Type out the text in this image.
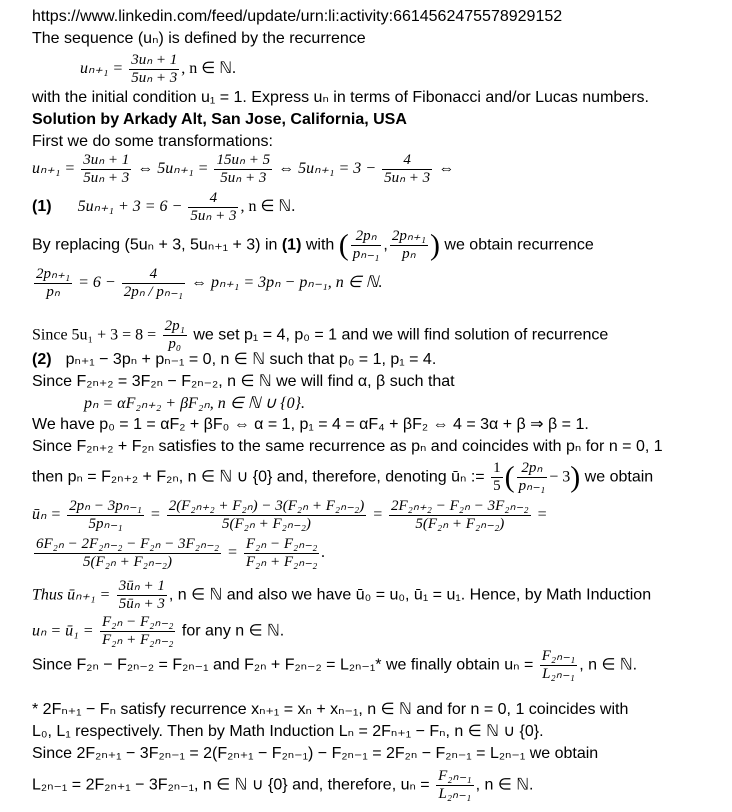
https://www.linkedin.com/feed/update/urn:li:activity:6614562475578929152
The sequence (uₙ) is defined by the recurrence
$u_{n+1} = \frac{\text{3uₙ + 1}}{\text{5uₙ + 3}}$ , n ∈ ℕ.
with the initial condition u₁ = 1. Express uₙ in terms of Fibonacci and/or Lucas numbers.
Solution by Arkady Alt, San Jose, California, USA
First we do some transformations:
$u_{n+1} = \frac{\text{3uₙ + 1}}{\text{5uₙ + 3}}$ ⇔ $5u_{n+1} = \frac{\text{15uₙ + 5}}{\text{5uₙ + 3}}$ ⇔ $5u_{n+1} = 3 - \frac{4}{\text{5uₙ + 3}}$ ⇔
(1) $5u_{n+1} + 3 = 6 - \frac{4}{\text{5uₙ + 3}}$ , n ∈ ℕ.
By replacing (5uₙ + 3, 5uₙ₊₁ + 3) in (1) with ( $\frac{\text{2pₙ}}{\text{pₙ₋₁}}$ , $\frac{\text{2pₙ₊₁}}{\text{pₙ}}$ ) we obtain recurrence
$\frac{\text{2pₙ₊₁}}{\text{pₙ}} = 6 - \frac{4}{\text{2pₙ / pₙ₋₁}}$ ⇔ pₙ₊₁ = 3pₙ − pₙ₋₁, n ∈ ℕ.
Since $5u_1 + 3 = 8 = \frac{\text{2p₁}}{\text{p₀}}$ we set p₁ = 4, p₀ = 1 and we will find solution of recurrence
(2) pₙ₊₁ − 3pₙ + pₙ₋₁ = 0, n ∈ ℕ such that p₀ = 1, p₁ = 4.
Since F₂ₙ₊₂ = 3F₂ₙ − F₂ₙ₋₂, n ∈ ℕ we will find α, β such that
pₙ = αF₂ₙ₊₂ + βF₂ₙ, n ∈ ℕ ∪ {0}.
We have p₀ = 1 = αF₂ + βF₀ ⇔ α = 1, p₁ = 4 = αF₄ + βF₂ ⇔ 4 = 3α + β ⇒ β = 1.
Since F₂ₙ₊₂ + F₂ₙ satisfies to the same recurrence as pₙ and coincides with pₙ for n = 0, 1
then pₙ = F₂ₙ₊₂ + F₂ₙ, n ∈ ℕ ∪ {0} and, therefore, denoting ūₙ := $\frac{1}{5}$ ( $\frac{\text{2pₙ}}{\text{pₙ₋₁}} - 3$) we obtain
ūₙ = $\frac{\text{2pₙ − 3pₙ₋₁}}{\text{5pₙ₋₁}} = \frac{\text{2(F₂ₙ₊₂ + F₂ₙ) − 3(F₂ₙ + F₂ₙ₋₂)}}{\text{5(F₂ₙ + F₂ₙ₋₂)}} = \frac{\text{2F₂ₙ₊₂ − F₂ₙ − 3F₂ₙ₋₂}}{\text{5(F₂ₙ + F₂ₙ₋₂)}}$ =
$\frac{\text{6F₂ₙ − 2F₂ₙ₋₂ − F₂ₙ − 3F₂ₙ₋₂}}{\text{5(F₂ₙ + F₂ₙ₋₂)}} = \frac{\text{F₂ₙ − F₂ₙ₋₂}}{\text{F₂ₙ + F₂ₙ₋₂}}$ .
Thus ūₙ₊₁ = $\frac{\text{3ūₙ + 1}}{\text{5ūₙ + 3}}$ , n ∈ ℕ and also we have ū₀ = u₀, ū₁ = u₁. Hence, by Math Induction
uₙ = ū₁ = $\frac{\text{F₂ₙ − F₂ₙ₋₂}}{\text{F₂ₙ + F₂ₙ₋₂}}$ for any n ∈ ℕ.
Since F₂ₙ − F₂ₙ₋₂ = F₂ₙ₋₁ and F₂ₙ + F₂ₙ₋₂ = L₂ₙ₋₁* we finally obtain $u_n = \frac{\text{F₂ₙ₋₁}}{\text{L₂ₙ₋₁}}$ , n ∈ ℕ.
* 2Fₙ₊₁ − Fₙ satisfy recurrence xₙ₊₁ = xₙ + xₙ₋₁, n ∈ ℕ and for n = 0, 1 coincides with
L₀, L₁ respectively. Then by Math Induction Lₙ = 2Fₙ₊₁ − Fₙ, n ∈ ℕ ∪ {0}.
Since 2F₂ₙ₊₁ − 3F₂ₙ₋₁ = 2(F₂ₙ₊₁ − F₂ₙ₋₁) − F₂ₙ₋₁ = 2F₂ₙ − F₂ₙ₋₁ = L₂ₙ₋₁ we obtain
L₂ₙ₋₁ = 2F₂ₙ₊₁ − 3F₂ₙ₋₁, n ∈ ℕ ∪ {0} and, therefore, $u_n = \frac{\text{F₂ₙ₋₁}}{\text{L₂ₙ₋₁}}$ , n ∈ ℕ.
